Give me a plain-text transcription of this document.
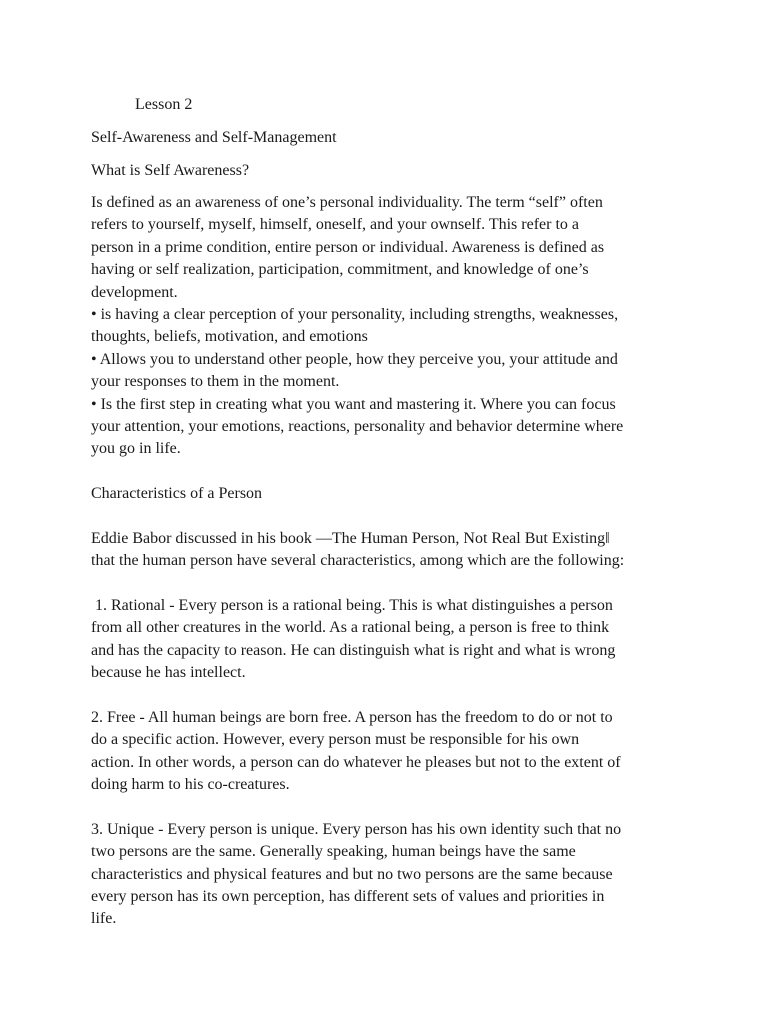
Lesson 2

Self-Awareness and Self-Management

What is Self Awareness?

Is defined as an awareness of one’s personal individuality. The term “self” often

refers to yourself, myself, himself, oneself, and your ownself. This refer to a

person in a prime condition, entire person or individual. Awareness is defined as

having or self realization, participation, commitment, and knowledge of one’s

development.

• is having a clear perception of your personality, including strengths, weaknesses,

thoughts, beliefs, motivation, and emotions

• Allows you to understand other people, how they perceive you, your attitude and

your responses to them in the moment.

• Is the first step in creating what you want and mastering it. Where you can focus

your attention, your emotions, reactions, personality and behavior determine where

you go in life.

Characteristics of a Person

Eddie Babor discussed in his book ―The Human Person, Not Real But Existing‖

that the human person have several characteristics, among which are the following:

1. Rational - Every person is a rational being. This is what distinguishes a person

from all other creatures in the world. As a rational being, a person is free to think

and has the capacity to reason. He can distinguish what is right and what is wrong

because he has intellect.

2. Free - All human beings are born free. A person has the freedom to do or not to

do a specific action. However, every person must be responsible for his own

action. In other words, a person can do whatever he pleases but not to the extent of

doing harm to his co-creatures.

3. Unique - Every person is unique. Every person has his own identity such that no

two persons are the same. Generally speaking, human beings have the same

characteristics and physical features and but no two persons are the same because

every person has its own perception, has different sets of values and priorities in

life.
